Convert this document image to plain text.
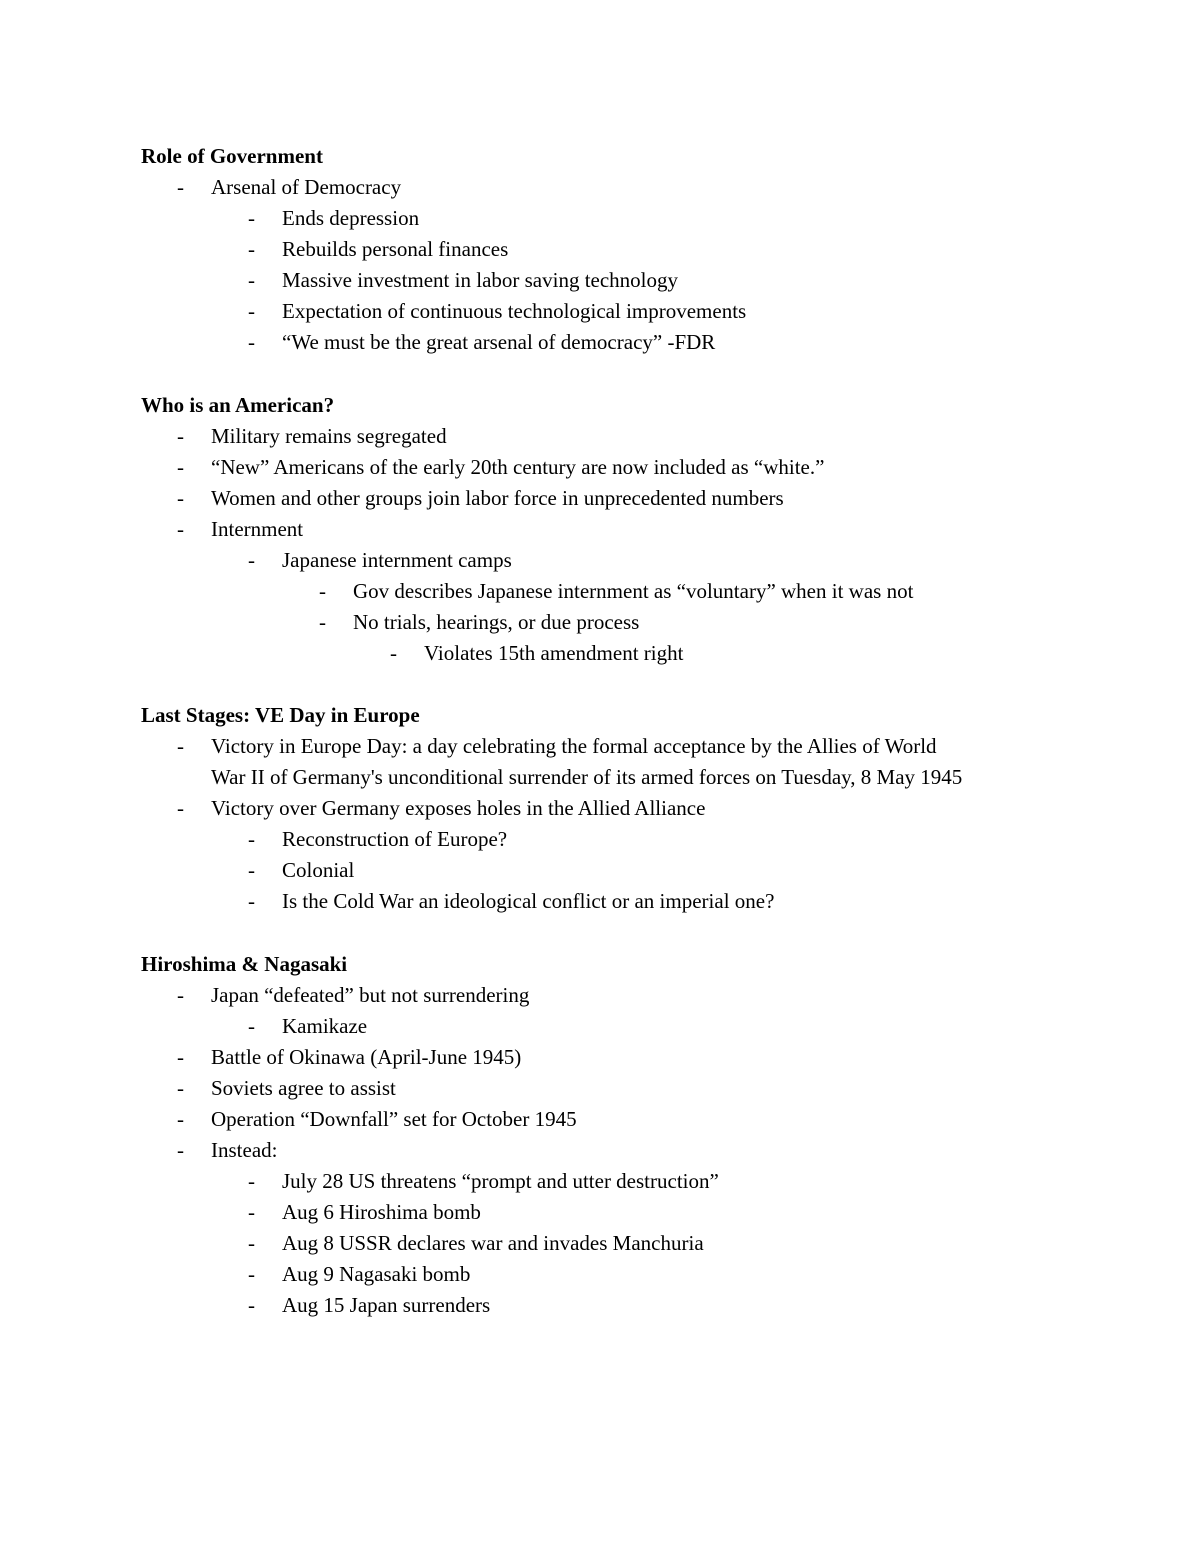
Role of Government
- Arsenal of Democracy
- Ends depression
- Rebuilds personal finances
- Massive investment in labor saving technology
- Expectation of continuous technological improvements
- “We must be the great arsenal of democracy” -FDR
Who is an American?
- Military remains segregated
- “New” Americans of the early 20th century are now included as “white.”
- Women and other groups join labor force in unprecedented numbers
- Internment
- Japanese internment camps
- Gov describes Japanese internment as “voluntary” when it was not
- No trials, hearings, or due process
- Violates 15th amendment right
Last Stages: VE Day in Europe
- Victory in Europe Day: a day celebrating the formal acceptance by the Allies of World
War II of Germany's unconditional surrender of its armed forces on Tuesday, 8 May 1945
- Victory over Germany exposes holes in the Allied Alliance
- Reconstruction of Europe?
- Colonial
- Is the Cold War an ideological conflict or an imperial one?
Hiroshima & Nagasaki
- Japan “defeated” but not surrendering
- Kamikaze
- Battle of Okinawa (April-June 1945)
- Soviets agree to assist
- Operation “Downfall” set for October 1945
- Instead:
- July 28 US threatens “prompt and utter destruction”
- Aug 6 Hiroshima bomb
- Aug 8 USSR declares war and invades Manchuria
- Aug 9 Nagasaki bomb
- Aug 15 Japan surrenders
